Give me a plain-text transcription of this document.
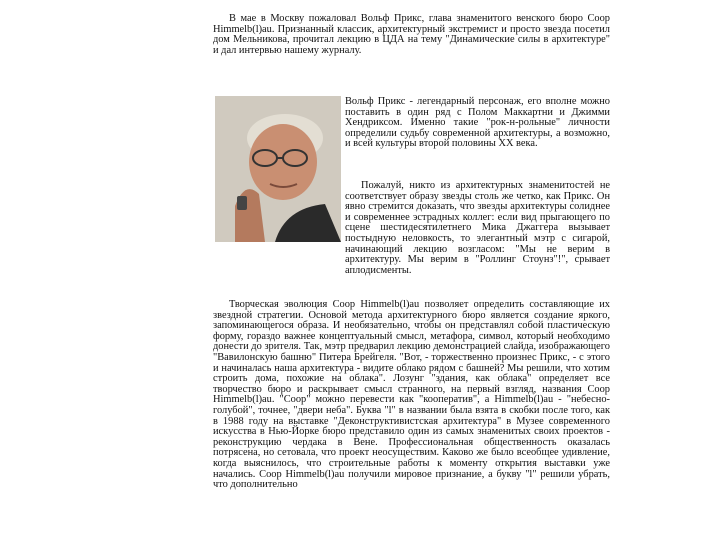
В мае в Москву пожаловал Вольф Прикс, глава знаменитого венского бюро Coop Himmelb(l)au. Признанный классик, архитектурный экстремист и просто звезда посетил дом Мельникова, прочитал лекцию в ЦДА на тему "Динамические силы в архитектуре" и дал интервью нашему журналу.

Вольф Прикс - легендарный персонаж, его вполне можно поставить в один ряд с Полом Маккартни и Джимми Хендриксом. Именно такие "рок-н-рольные" личности определили судьбу современной архитектуры, а возможно, и всей культуры второй половины XX века.

Пожалуй, никто из архитектурных знаменитостей не соответствует образу звезды столь же четко, как Прикс. Он явно стремится доказать, что звезды архитектуры солиднее и современнее эстрадных коллег: если вид прыгающего по сцене шестидесятилетнего Мика Джаггера вызывает постыдную неловкость, то элегантный мэтр с сигарой, начинающий лекцию возгласом: "Мы не верим в архитектуру. Мы верим в "Роллинг Стоунз"!", срывает аплодисменты.

Творческая эволюция Coop Himmelb(l)au позволяет определить составляющие их звездной стратегии. Основой метода архитектурного бюро является создание яркого, запоминающегося образа. И необязательно, чтобы он представлял собой пластическую форму, гораздо важнее концептуальный смысл, метафора, символ, который необходимо донести до зрителя. Так, мэтр предварил лекцию демонстрацией слайда, изображающего "Вавилонскую башню" Питера Брейгеля. "Вот, - торжественно произнес Прикс, - с этого и начиналась наша архитектура - видите облако рядом с башней? Мы решили, что хотим строить дома, похожие на облака". Лозунг "здания, как облака" определяет все творчество бюро и раскрывает смысл странного, на первый взгляд, названия Coop Himmelb(l)au. "Coop" можно перевести как "кооператив", а Himmelb(l)au - "небесно-голубой", точнее, "двери неба". Буква "l" в названии была взята в скобки после того, как в 1988 году на выставке "Деконструктивистская архитектура" в Музее современного искусства в Нью-Йорке бюро представило один из самых знаменитых своих проектов - реконструкцию чердака в Вене. Профессиональная общественность оказалась потрясена, но сетовала, что проект неосуществим. Каково же было всеобщее удивление, когда выяснилось, что строительные работы к моменту открытия выставки уже начались. Coop Himmelb(l)au получили мировое признание, а букву "l" решили убрать, что дополнительно
